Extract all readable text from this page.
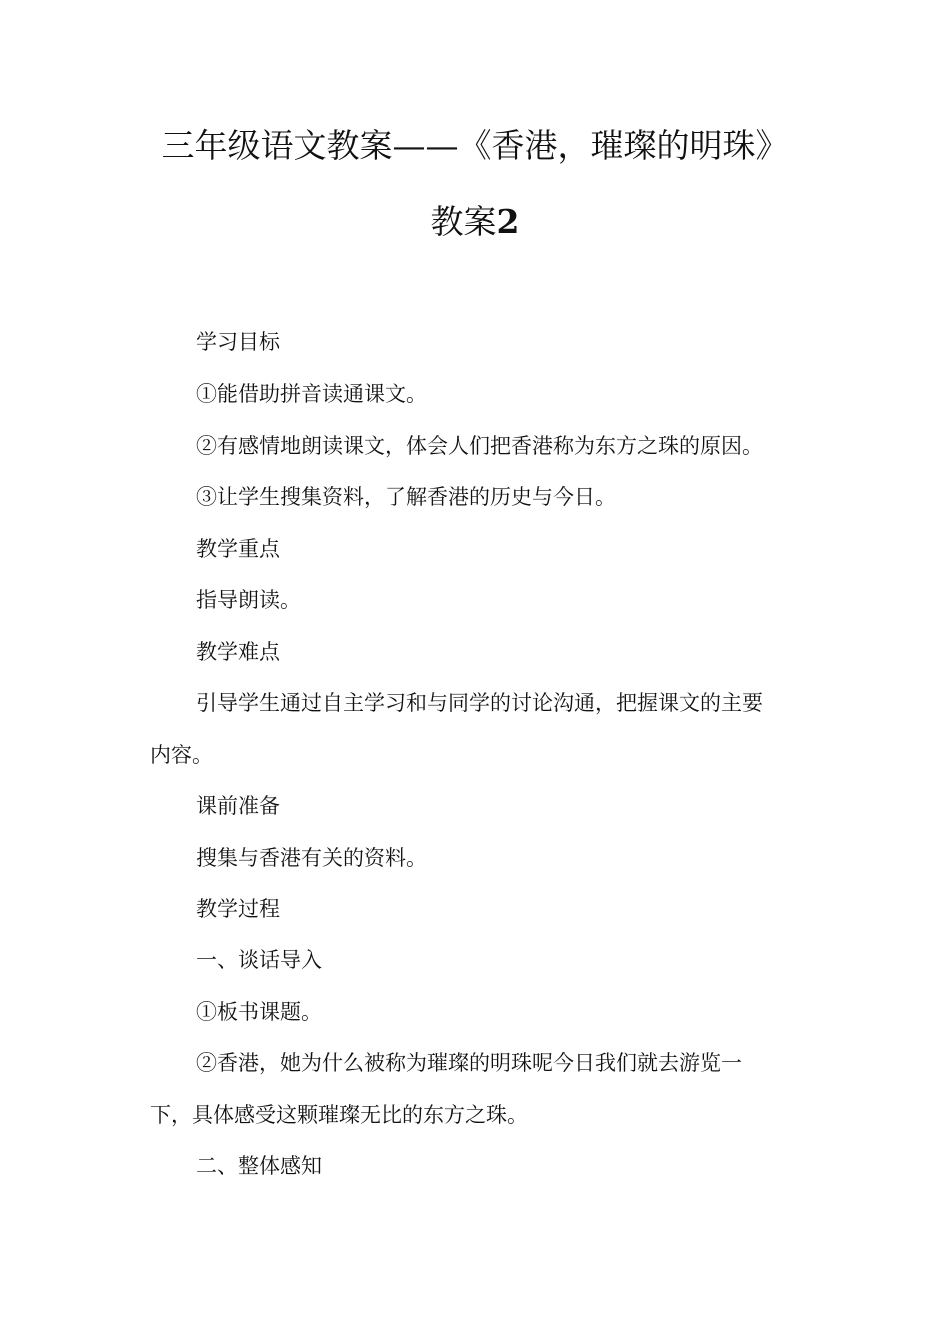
三年级语文教案——《香港，璀璨的明珠》
教案2
学习目标
①能借助拼音读通课文。
②有感情地朗读课文，体会人们把香港称为东方之珠的原因。
③让学生搜集资料，了解香港的历史与今日。
教学重点
指导朗读。
教学难点
引导学生通过自主学习和与同学的讨论沟通，把握课文的主要
内容。
课前准备
搜集与香港有关的资料。
教学过程
一、谈话导入
①板书课题。
②香港，她为什么被称为璀璨的明珠呢今日我们就去游览一
下，具体感受这颗璀璨无比的东方之珠。
二、整体感知
